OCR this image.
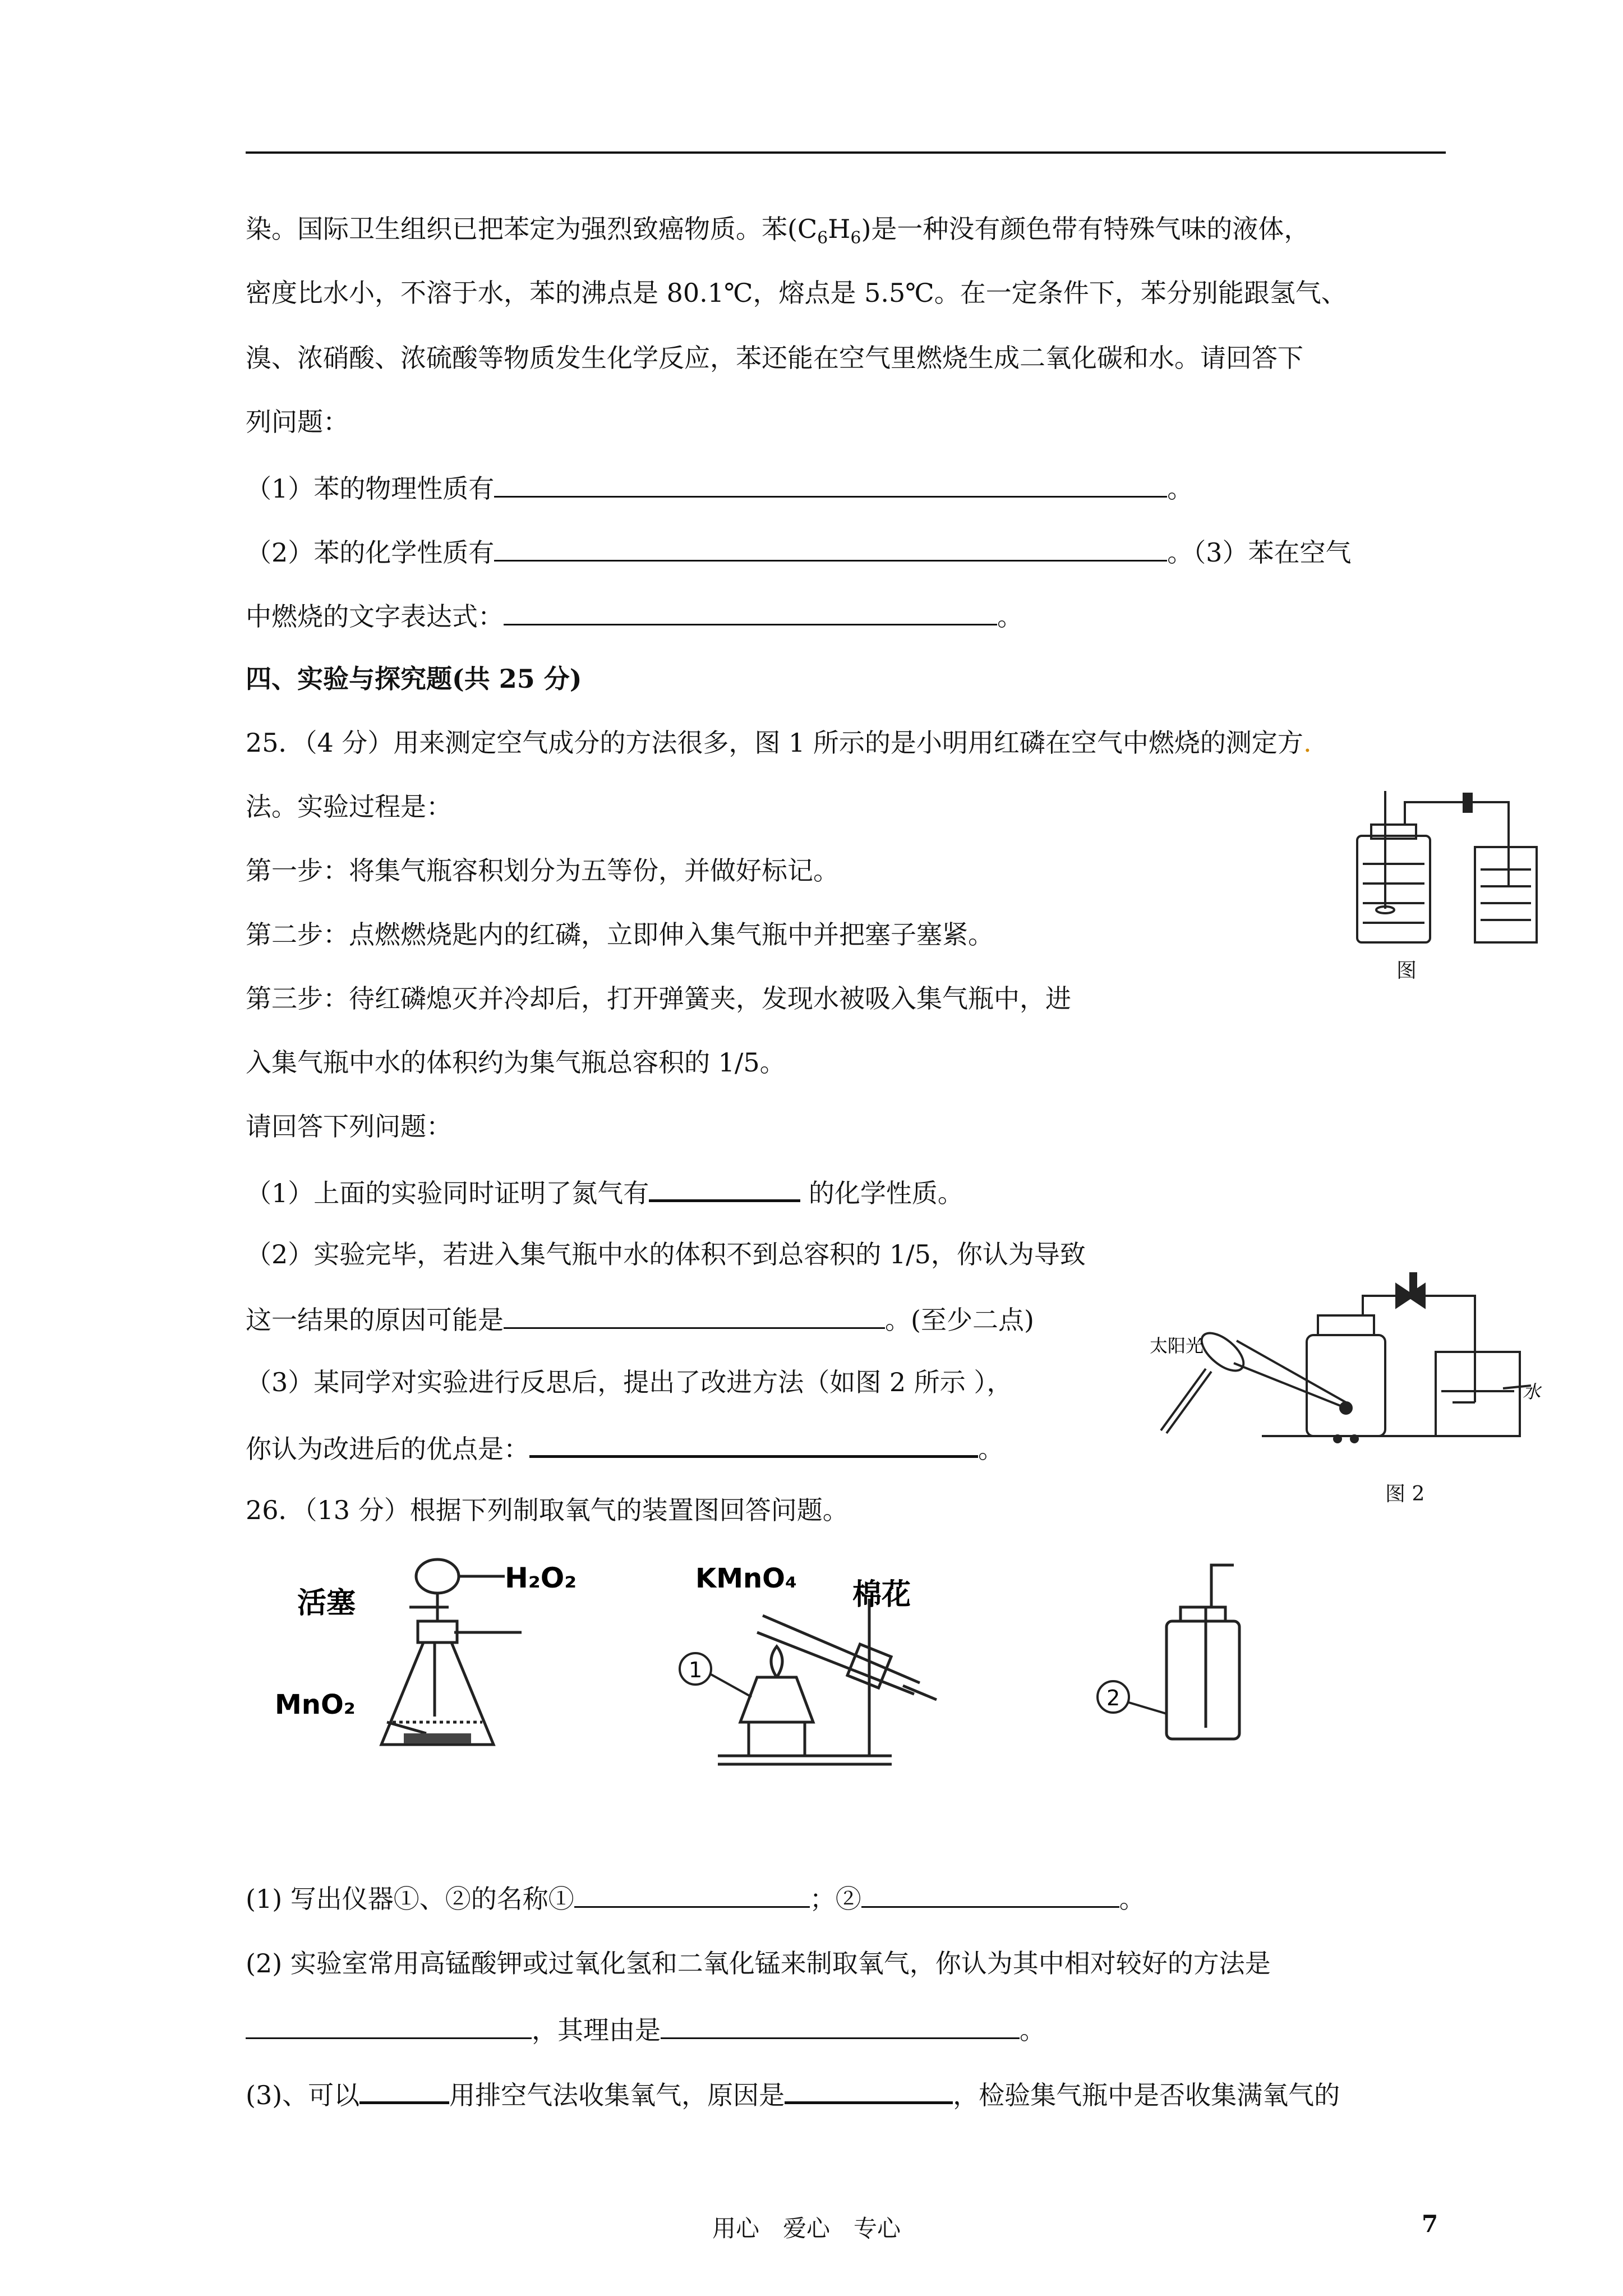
染。国际卫生组织已把苯定为强烈致癌物质。苯$(C_6H_6)$是一种没有颜色带有特殊气味的液体，
密度比水小，不溶于水，苯的沸点是 80.1℃，熔点是 5.5℃。在一定条件下，苯分别能跟氢气、
溴、浓硝酸、浓硫酸等物质发生化学反应，苯还能在空气里燃烧生成二氧化碳和水。请回答下
列问题：
（1）苯的物理性质有	。
（2）苯的化学性质有	。（3）苯在空气
中燃烧的文字表达式：	。
四、实验与探究题(共 25 分)
25．（4 分）用来测定空气成分的方法很多，图 1 所示的是小明用红磷在空气中燃烧的测定方.
法。实验过程是：
第一步：将集气瓶容积划分为五等份，并做好标记。
第二步：点燃燃烧匙内的红磷，立即伸入集气瓶中并把塞子塞紧。
第三步：待红磷熄灭并冷却后，打开弹簧夹，发现水被吸入集气瓶中，进
入集气瓶中水的体积约为集气瓶总容积的 1/5。
请回答下列问题：
（1）上面的实验同时证明了氮气有	的化学性质。
（2）实验完毕，若进入集气瓶中水的体积不到总容积的 1/5，你认为导致
这一结果的原因可能是	。(至少二点)
（3）某同学对实验进行反思后，提出了改进方法（如图 2 所示 ），
你认为改进后的优点是：	。
图
太阳光
水
图 2
26．（13 分）根据下列制取氧气的装置图回答问题。
活塞
H₂O₂
MnO₂
KMnO₄ 棉花
1
2
(1) 写出仪器①、②的名称①	；②	。
(2) 实验室常用高锰酸钾或过氧化氢和二氧化锰来制取氧气，你认为其中相对较好的方法是
，其理由是	。
(3)、可以	用排空气法收集氧气，原因是	，检验集气瓶中是否收集满氧气的
用心　爱心　专心	7
